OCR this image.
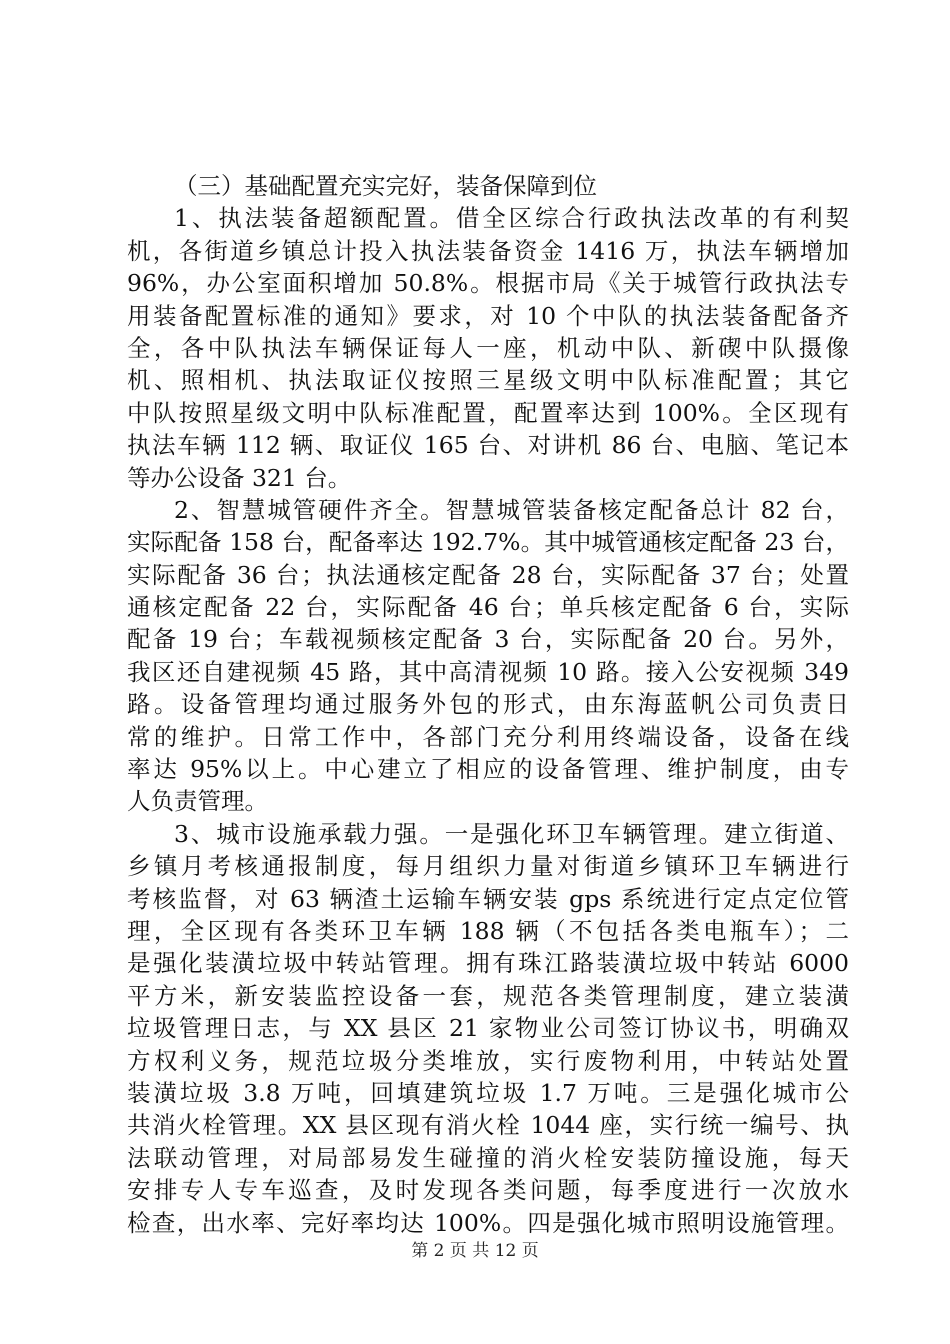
（三）基础配置充实完好，装备保障到位
1、执法装备超额配置。借全区综合行政执法改革的有利契
机，各街道乡镇总计投入执法装备资金 1416 万，执法车辆增加
96%，办公室面积增加 50.8%。根据市局《关于城管行政执法专
用装备配置标准的通知》要求，对 10 个中队的执法装备配备齐
全，各中队执法车辆保证每人一座，机动中队、新碶中队摄像
机、照相机、执法取证仪按照三星级文明中队标准配置；其它
中队按照星级文明中队标准配置，配置率达到 100%。全区现有
执法车辆 112 辆、取证仪 165 台、对讲机 86 台、电脑、笔记本
等办公设备 321 台。
2、智慧城管硬件齐全。智慧城管装备核定配备总计 82 台，
实际配备 158 台，配备率达 192.7%。其中城管通核定配备 23 台，
实际配备 36 台；执法通核定配备 28 台，实际配备 37 台；处置
通核定配备 22 台，实际配备 46 台；单兵核定配备 6 台，实际
配备 19 台；车载视频核定配备 3 台，实际配备 20 台。另外，
我区还自建视频 45 路，其中高清视频 10 路。接入公安视频 349
路。设备管理均通过服务外包的形式，由东海蓝帆公司负责日
常的维护。日常工作中，各部门充分利用终端设备，设备在线
率达 95%以上。中心建立了相应的设备管理、维护制度，由专
人负责管理。
3、城市设施承载力强。一是强化环卫车辆管理。建立街道、
乡镇月考核通报制度，每月组织力量对街道乡镇环卫车辆进行
考核监督，对 63 辆渣土运输车辆安装 gps 系统进行定点定位管
理，全区现有各类环卫车辆 188 辆（不包括各类电瓶车）；二
是强化装潢垃圾中转站管理。拥有珠江路装潢垃圾中转站 6000
平方米，新安装监控设备一套，规范各类管理制度，建立装潢
垃圾管理日志，与 XX 县区 21 家物业公司签订协议书，明确双
方权利义务，规范垃圾分类堆放，实行废物利用，中转站处置
装潢垃圾 3.8 万吨，回填建筑垃圾 1.7 万吨。三是强化城市公
共消火栓管理。XX 县区现有消火栓 1044 座，实行统一编号、执
法联动管理，对局部易发生碰撞的消火栓安装防撞设施，每天
安排专人专车巡查，及时发现各类问题，每季度进行一次放水
检查，出水率、完好率均达 100%。四是强化城市照明设施管理。
第 2 页 共 12 页
